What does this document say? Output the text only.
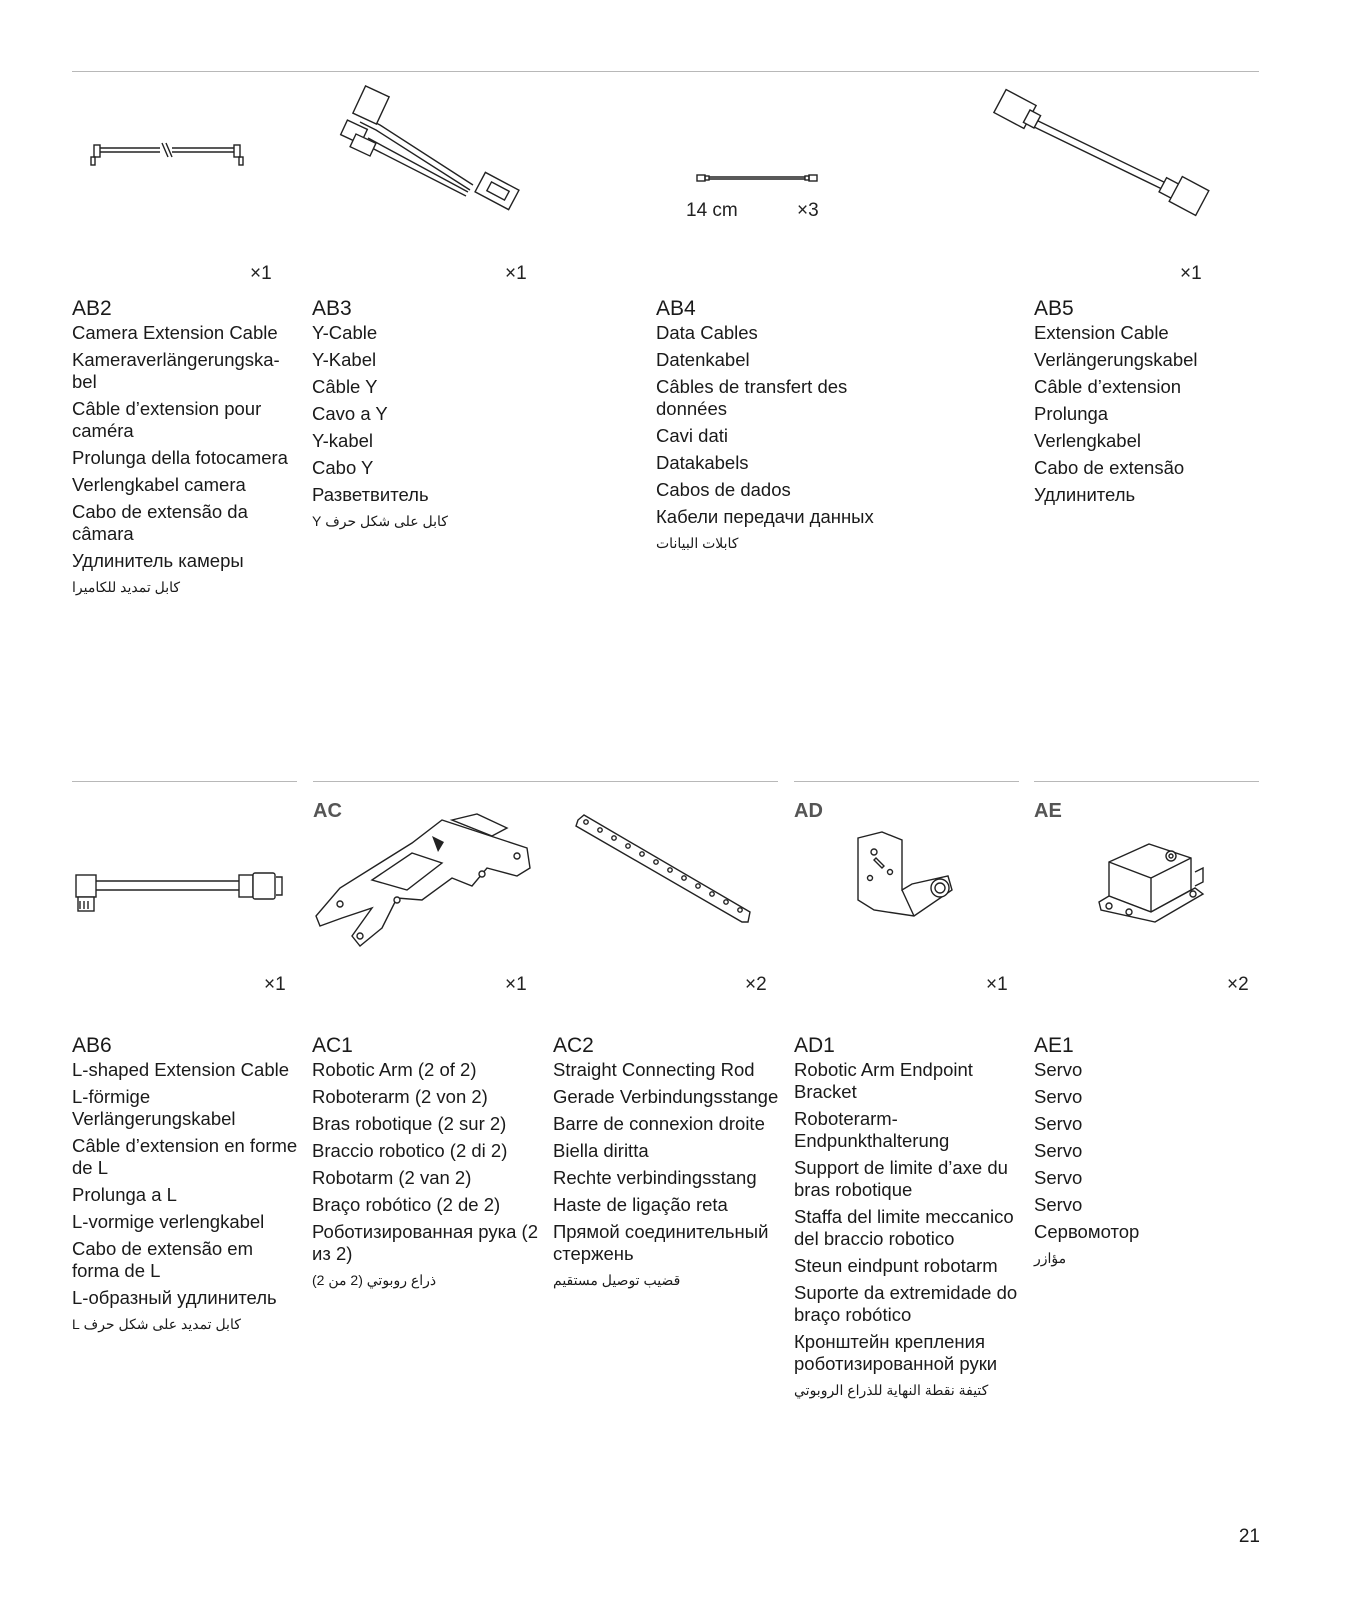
14 cm	×3
×1	×1	×1
AB2
Camera Extension Cable
Kameraverlängerungska-bel
Câble d’extension pour caméra
Prolunga della fotocamera
Verlengkabel camera
Cabo de extensão da câmara
Удлинитель камеры
كابل تمديد للكاميرا
AB3
Y-Cable
Y-Kabel
Câble Y
Cavo a Y
Y-kabel
Cabo Y
Разветвитель
كابل على شكل حرف Y
AB4
Data Cables
Datenkabel
Câbles de transfert des données
Cavi dati
Datakabels
Cabos de dados
Кабели передачи данных
كابلات البيانات
AB5
Extension Cable
Verlängerungskabel
Câble d’extension
Prolunga
Verlengkabel
Cabo de extensão
Удлинитель
AC	AD	AE
×1	×1	×2	×1	×2
AB6
L-shaped Extension Cable
L-förmige Verlängerungskabel
Câble d’extension en forme de L
Prolunga a L
L-vormige verlengkabel
Cabo de extensão em forma de L
L-образный удлинитель
كابل تمديد على شكل حرف L
AC1
Robotic Arm (2 of 2)
Roboterarm (2 von 2)
Bras robotique (2 sur 2)
Braccio robotico (2 di 2)
Robotarm (2 van 2)
Braço robótico (2 de 2)
Роботизированная рука (2 из 2)
ذراع روبوتي (2 من 2)
AC2
Straight Connecting Rod
Gerade Verbindungsstange
Barre de connexion droite
Biella diritta
Rechte verbindingsstang
Haste de ligação reta
Прямой соединительный стержень
قضيب توصيل مستقيم
AD1
Robotic Arm Endpoint Bracket
Roboterarm-Endpunkthalterung
Support de limite d’axe du bras robotique
Staffa del limite meccanico del braccio robotico
Steun eindpunt robotarm
Suporte da extremidade do braço robótico
Кронштейн крепления роботизированной руки
كتيفة نقطة النهاية للذراع الروبوتي
AE1
Servo
Servo
Servo
Servo
Servo
Servo
Сервомотор
مؤازر
21
